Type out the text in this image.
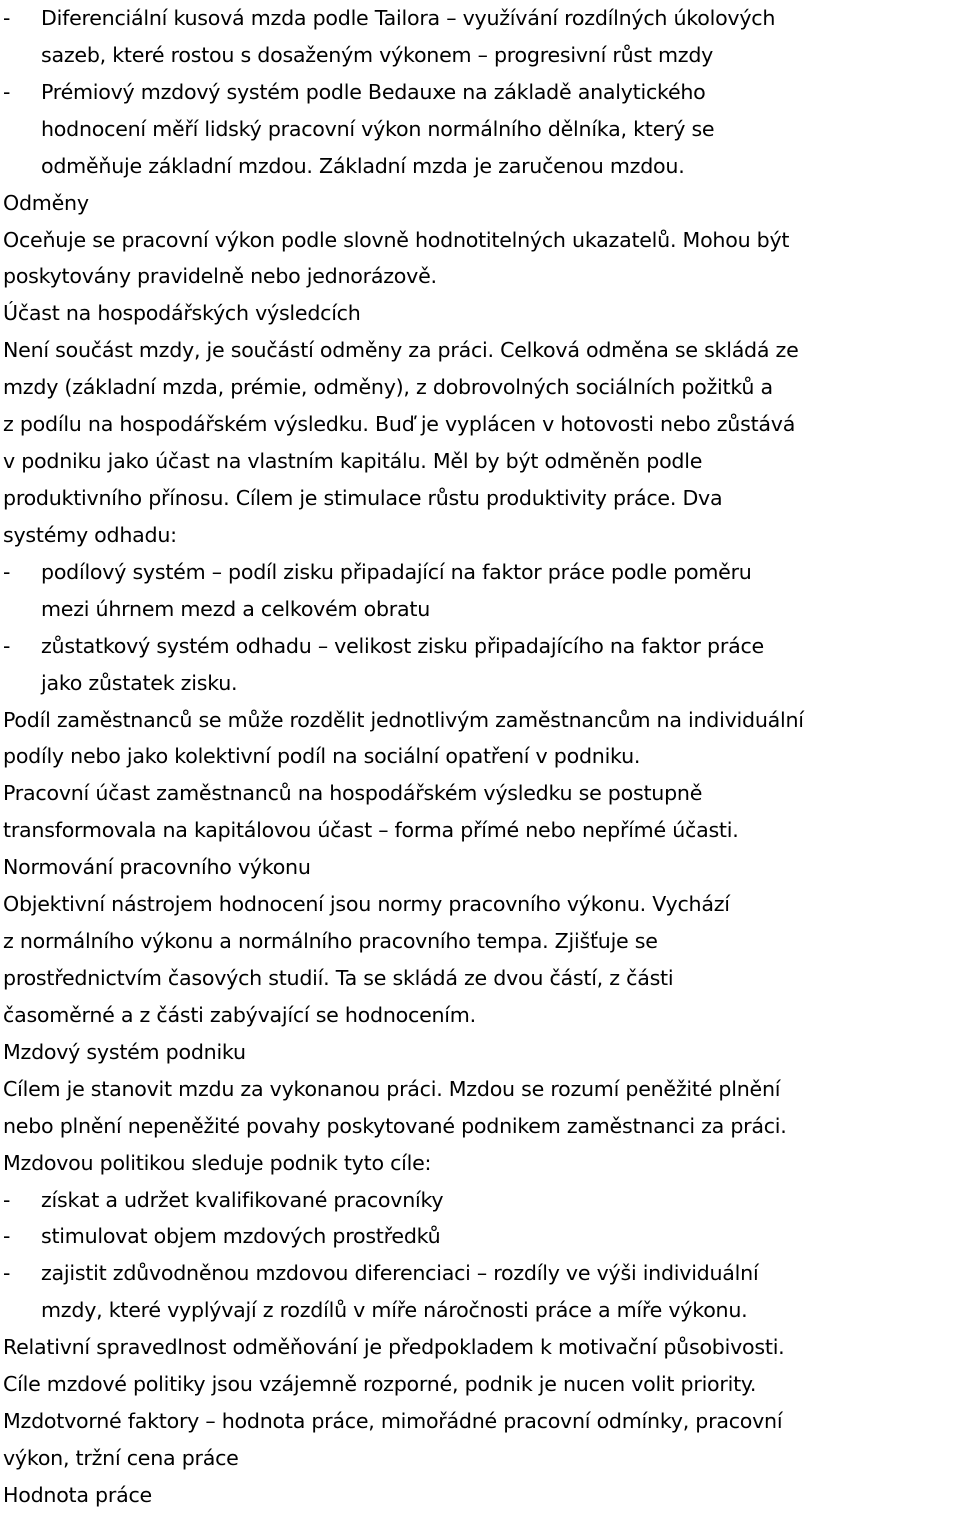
- Diferenciální kusová mzda podle Tailora – využívání rozdílných úkolových
sazeb, které rostou s dosaženým výkonem – progresivní růst mzdy
- Prémiový mzdový systém podle Bedauxe na základě analytického
hodnocení měří lidský pracovní výkon normálního dělníka, který se
odměňuje základní mzdou. Základní mzda je zaručenou mzdou.
Odměny
Oceňuje se pracovní výkon podle slovně hodnotitelných ukazatelů. Mohou být
poskytovány pravidelně nebo jednorázově.
Účast na hospodářských výsledcích
Není součást mzdy, je součástí odměny za práci. Celková odměna se skládá ze
mzdy (základní mzda, prémie, odměny), z dobrovolných sociálních požitků a
z podílu na hospodářském výsledku. Buď je vyplácen v hotovosti nebo zůstává
v podniku jako účast na vlastním kapitálu. Měl by být odměněn podle
produktivního přínosu. Cílem je stimulace růstu produktivity práce. Dva
systémy odhadu:
- podílový systém – podíl zisku připadající na faktor práce podle poměru
mezi úhrnem mezd a celkovém obratu
- zůstatkový systém odhadu – velikost zisku připadajícího na faktor práce
jako zůstatek zisku.
Podíl zaměstnanců se může rozdělit jednotlivým zaměstnancům na individuální
podíly nebo jako kolektivní podíl na sociální opatření v podniku.
Pracovní účast zaměstnanců na hospodářském výsledku se postupně
transformovala na kapitálovou účast – forma přímé nebo nepřímé účasti.
Normování pracovního výkonu
Objektivní nástrojem hodnocení jsou normy pracovního výkonu. Vychází
z normálního výkonu a normálního pracovního tempa. Zjišťuje se
prostřednictvím časových studií. Ta se skládá ze dvou částí, z části
časoměrné a z části zabývající se hodnocením.
Mzdový systém podniku
Cílem je stanovit mzdu za vykonanou práci. Mzdou se rozumí peněžité plnění
nebo plnění nepeněžité povahy poskytované podnikem zaměstnanci za práci.
Mzdovou politikou sleduje podnik tyto cíle:
- získat a udržet kvalifikované pracovníky
- stimulovat objem mzdových prostředků
- zajistit zdůvodněnou mzdovou diferenciaci – rozdíly ve výši individuální
mzdy, které vyplývají z rozdílů v míře náročnosti práce a míře výkonu.
Relativní spravedlnost odměňování je předpokladem k motivační působivosti.
Cíle mzdové politiky jsou vzájemně rozporné, podnik je nucen volit priority.
Mzdotvorné faktory – hodnota práce, mimořádné pracovní odmínky, pracovní
výkon, tržní cena práce
Hodnota práce
